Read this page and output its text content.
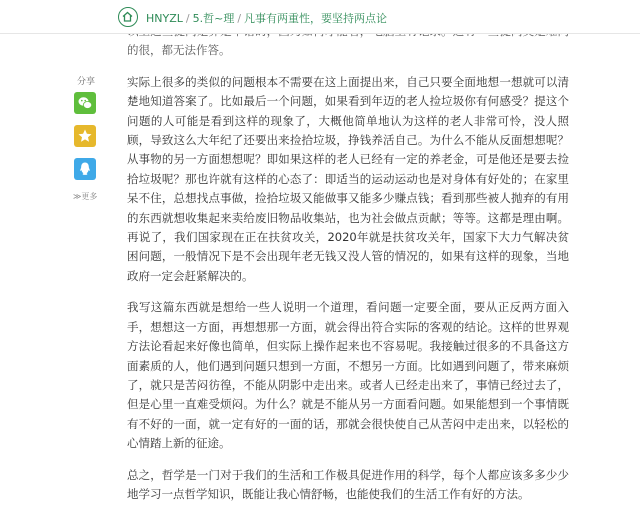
HNYZL / 5.哲~理 / 凡事有两重性，要坚持两点论
分享
≫更多

的很，都无法作答。

实际上很多的类似的问题根本不需要在这上面提出来，自己只要全面地想一想就可以清楚地知道答案了。比如最后一个问题，如果看到年迈的老人捡垃圾你有何感受？提这个问题的人可能是看到这样的现象了，大概他简单地认为这样的老人非常可怜，没人照顾，导致这么大年纪了还要出来捡拾垃圾，挣钱养活自己。为什么不能从反面想想呢？从事物的另一方面想想呢？即如果这样的老人已经有一定的养老金，可是他还是要去捡拾垃圾呢？那也许就有这样的心态了：即适当的运动运动也是对身体有好处的；在家里呆不住，总想找点事做，捡拾垃圾又能做事又能多少赚点钱；看到那些被人抛弃的有用的东西就想收集起来卖给废旧物品收集站，也为社会做点贡献；等等。这都是理由啊。再说了，我们国家现在正在扶贫攻关，2020年就是扶贫攻关年，国家下大力气解决贫困问题，一般情况下是不会出现年老无钱又没人管的情况的，如果有这样的现象，当地政府一定会赶紧解决的。

我写这篇东西就是想给一些人说明一个道理，看问题一定要全面，要从正反两方面入手，想想这一方面，再想想那一方面，就会得出符合实际的客观的结论。这样的世界观方法论看起来好像也简单，但实际上操作起来也不容易呢。我接触过很多的不具备这方面素质的人，他们遇到问题只想到一方面，不想另一方面。比如遇到问题了，带来麻烦了，就只是苦闷彷徨，不能从阴影中走出来。或者人已经走出来了，事情已经过去了，但是心里一直难受烦闷。为什么？就是不能从另一方面看问题。如果能想到一个事情既有不好的一面，就一定有好的一面的话，那就会很快使自己从苦闷中走出来，以轻松的心情踏上新的征途。

总之，哲学是一门对于我们的生活和工作极具促进作用的科学，每个人都应该多多少少地学习一点哲学知识，既能让我心情舒畅，也能使我们的生活工作有好的方法。
